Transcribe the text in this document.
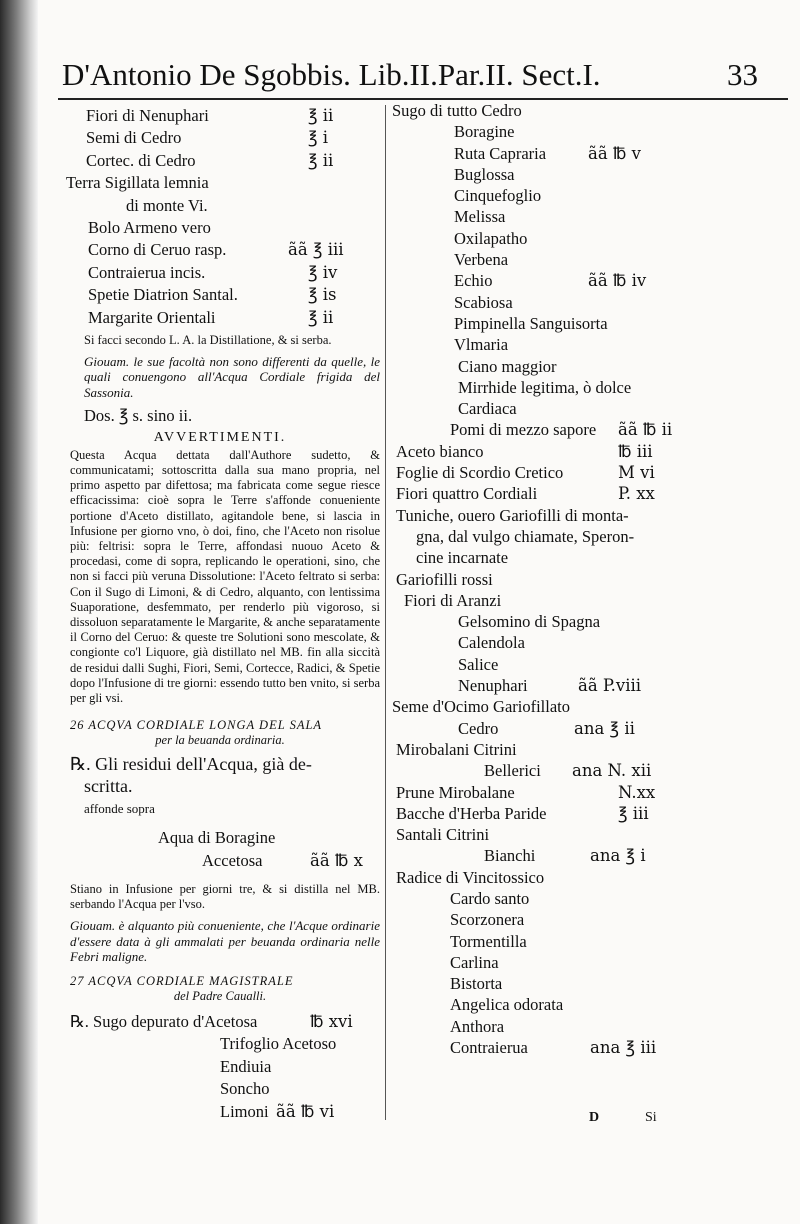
D'Antonio De Sgobbis. Lib.II.Par.II. Sect.I.	33
Fiori di Nenuphari	℥ ii
Semi di Cedro	℥ i
Cortec. di Cedro	℥ ii
Terra Sigillata lemnia
di monte Vi.
Bolo Armeno vero
Corno di Ceruo rasp.	ãã ℥ iii
Contraierua incis.	℥ iv
Spetie Diatrion Santal.	℥ is
Margarite Orientali	℥ ii
Si facci secondo L. A. la Distillatione, & si serba.
Giouam. le sue facoltà non sono differenti da quelle, le quali conuengono all'Acqua Cordiale frigida del Sassonia.
Dos. ℥ s. sino ii.
AVVERTIMENTI.
Questa Acqua dettata dall'Authore sudetto, & communicatami; sottoscritta dalla sua mano propria, nel primo aspetto par difettosa; ma fabricata come segue riesce efficacissima: cioè sopra le Terre s'affonde conueniente portione d'Aceto distillato, agitandole bene, si lascia in Infusione per giorno vno, ò doi, fino, che l'Aceto non risolue più: feltrisi: sopra le Terre, affondasi nuouo Aceto & procedasi, come di sopra, replicando le operationi, sino, che non si facci più veruna Dissolutione: l'Aceto feltrato si serba: Con il Sugo di Limoni, & di Cedro, alquanto, con lentissima Suaporatione, desfemmato, per renderlo più vigoroso, si dissoluon separatamente le Margarite, & anche separatamente il Corno del Ceruo: & queste tre Solutioni sono mescolate, & congionte co'l Liquore, già distillato nel MB. fin alla siccità de residui dalli Sughi, Fiori, Semi, Cortecce, Radici, & Spetie dopo l'Infusione di tre giorni: essendo tutto ben vnito, si serba per gli vsi.
26 ACQVA CORDIALE LONGA DEL SALA
per la beuanda ordinaria.
℞. Gli residui dell'Acqua, già de-
scritta.
affonde sopra
Aqua di Boragine
Accetosa	ãã ℔ x
Stiano in Infusione per giorni tre, & si distilla nel MB. serbando l'Acqua per l'vso.
Giouam. è alquanto più conueniente, che l'Acque ordinarie d'essere data à gli ammalati per beuanda ordinaria nelle Febri maligne.
27 ACQVA CORDIALE MAGISTRALE
del Padre Caualli.
℞. Sugo depurato d'Acetosa	℔ xvi
Trifoglio Acetoso
Endiuia
Soncho
Limoni ãã ℔ vi
Sugo di tutto Cedro
Boragine
Ruta Capraria	ãã ℔ v
Buglossa
Cinquefoglio
Melissa
Oxilapatho
Verbena
Echio	ãã ℔ iv
Scabiosa
Pimpinella Sanguisorta
Vlmaria
Ciano maggior
Mirrhide legitima, ò dolce
Cardiaca
Pomi di mezzo sapore ãã ℔ ii
Aceto bianco	℔ iii
Foglie di Scordio Cretico	M vi
Fiori quattro Cordiali	P. xx
Tuniche, ouero Gariofilli di monta-
gna, dal vulgo chiamate, Speron-
cine incarnate
Gariofilli rossi
Fiori di Aranzi
Gelsomino di Spagna
Calendola
Salice
Nenuphari	ãã P.viii
Seme d'Ocimo Gariofillato
Cedro	ana ℥ ii
Mirobalani Citrini
Bellerici ana N. xii
Prune Mirobalane	N.xx
Bacche d'Herba Paride	℥ iii
Santali Citrini
Bianchi	ana ℥ i
Radice di Vincitossico
Cardo santo
Scorzonera
Tormentilla
Carlina
Bistorta
Angelica odorata
Anthora
Contraierua	ana ℥ iii
D	Si
